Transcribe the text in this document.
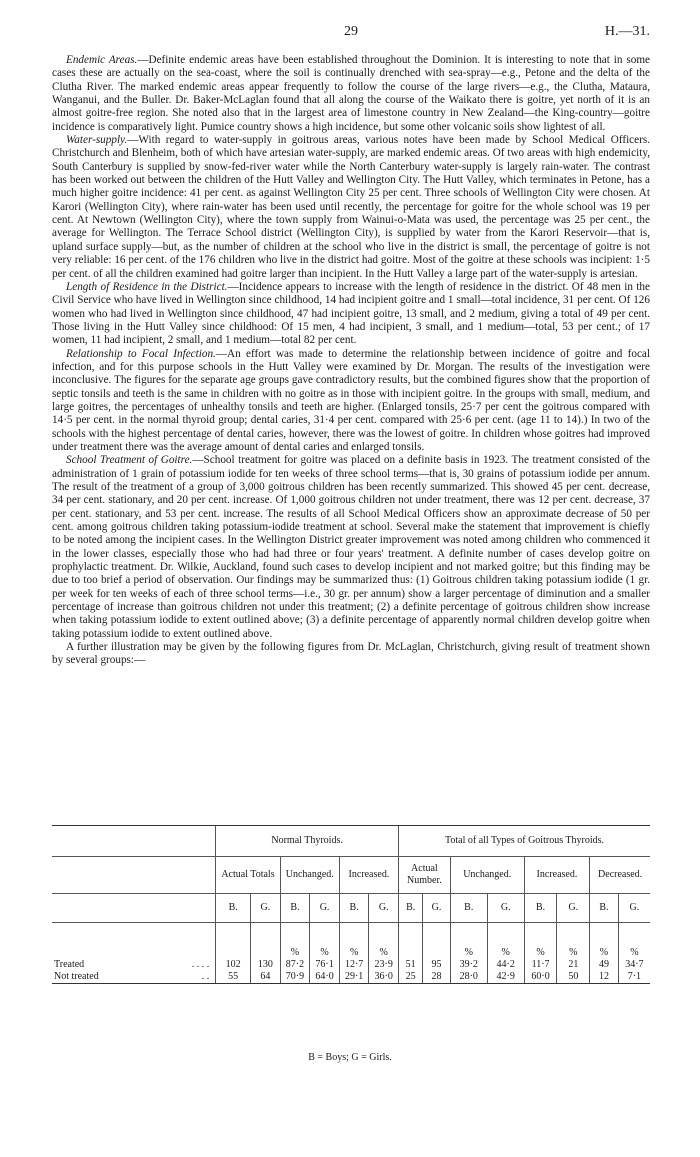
29	H.—31.

Endemic Areas.—Definite endemic areas have been established throughout the Dominion. It is interesting to note that in some cases these are actually on the sea-coast, where the soil is continually drenched with sea-spray—e.g., Petone and the delta of the Clutha River. The marked endemic areas appear frequently to follow the course of the large rivers—e.g., the Clutha, Mataura, Wanganui, and the Buller. Dr. Baker-McLaglan found that all along the course of the Waikato there is goitre, yet north of it is an almost goitre-free region. She noted also that in the largest area of limestone country in New Zealand—the King-country—goitre incidence is comparatively light. Pumice country shows a high incidence, but some other volcanic soils show lightest of all.

Water-supply.—With regard to water-supply in goitrous areas, various notes have been made by School Medical Officers. Christchurch and Blenheim, both of which have artesian water-supply, are marked endemic areas. Of two areas with high endemicity, South Canterbury is supplied by snow-fed-river water while the North Canterbury water-supply is largely rain-water. The contrast has been worked out between the children of the Hutt Valley and Wellington City. The Hutt Valley, which terminates in Petone, has a much higher goitre incidence: 41 per cent. as against Wellington City 25 per cent. Three schools of Wellington City were chosen. At Karori (Wellington City), where rain-water has been used until recently, the percentage for goitre for the whole school was 19 per cent. At Newtown (Wellington City), where the town supply from Wainui-o-Mata was used, the percentage was 25 per cent., the average for Wellington. The Terrace School district (Wellington City), is supplied by water from the Karori Reservoir—that is, upland surface supply—but, as the number of children at the school who live in the district is small, the percentage of goitre is not very reliable: 16 per cent. of the 176 children who live in the district had goitre. Most of the goitre at these schools was incipient: 1·5 per cent. of all the children examined had goitre larger than incipient. In the Hutt Valley a large part of the water-supply is artesian.

Length of Residence in the District.—Incidence appears to increase with the length of residence in the district. Of 48 men in the Civil Service who have lived in Wellington since childhood, 14 had incipient goitre and 1 small—total incidence, 31 per cent. Of 126 women who had lived in Wellington since childhood, 47 had incipient goitre, 13 small, and 2 medium, giving a total of 49 per cent. Those living in the Hutt Valley since childhood: Of 15 men, 4 had incipient, 3 small, and 1 medium—total, 53 per cent.; of 17 women, 11 had incipient, 2 small, and 1 medium—total 82 per cent.

Relationship to Focal Infection.—An effort was made to determine the relationship between incidence of goitre and focal infection, and for this purpose schools in the Hutt Valley were examined by Dr. Morgan. The results of the investigation were inconclusive. The figures for the separate age groups gave contradictory results, but the combined figures show that the proportion of septic tonsils and teeth is the same in children with no goitre as in those with incipient goitre. In the groups with small, medium, and large goitres, the percentages of unhealthy tonsils and teeth are higher. (Enlarged tonsils, 25·7 per cent the goitrous compared with 14·5 per cent. in the normal thyroid group; dental caries, 31·4 per cent. compared with 25·6 per cent. (age 11 to 14).) In two of the schools with the highest percentage of dental caries, however, there was the lowest of goitre. In children whose goitres had improved under treatment there was the average amount of dental caries and enlarged tonsils.

School Treatment of Goitre.—School treatment for goitre was placed on a definite basis in 1923. The treatment consisted of the administration of 1 grain of potassium iodide for ten weeks of three school terms—that is, 30 grains of potassium iodide per annum. The result of the treatment of a group of 3,000 goitrous children has been recently summarized. This showed 45 per cent. decrease, 34 per cent. stationary, and 20 per cent. increase. Of 1,000 goitrous children not under treatment, there was 12 per cent. decrease, 37 per cent. stationary, and 53 per cent. increase. The results of all School Medical Officers show an approximate decrease of 50 per cent. among goitrous children taking potassium-iodide treatment at school. Several make the statement that improvement is chiefly to be noted among the incipient cases. In the Wellington District greater improvement was noted among children who commenced it in the lower classes, especially those who had had three or four years' treatment. A definite number of cases develop goitre on prophylactic treatment. Dr. Wilkie, Auckland, found such cases to develop incipient and not marked goitre; but this finding may be due to too brief a period of observation. Our findings may be summarized thus: (1) Goitrous children taking potassium iodide (1 gr. per week for ten weeks of each of three school terms—i.e., 30 gr. per annum) show a larger percentage of diminution and a smaller percentage of increase than goitrous children not under this treatment; (2) a definite percentage of goitrous children show increase when taking potassium iodide to extent outlined above; (3) a definite percentage of apparently normal children develop goitre when taking potassium iodide to extent outlined above.

A further illustration may be given by the following figures from Dr. McLaglan, Christchurch, giving result of treatment shown by several groups:—

		Normal Thyroids.						Total of all Types of Goitrous Thyroids.							
		Actual Totals		Unchanged.		Increased.		Actual Number.		Unchanged.		Increased.		Decreased.	
		B.	G.	B.	G.	B.	G.	B.	G.	B.	G.	B.	G.	B.	G.

				%	%	%	%			%	%	%	%	%	%
Treated	. . . .	102	130	87·2	76·1	12·7	23·9	51	95	39·2	44·2	11·7	21	49	34·7
Not treated	. .	55	64	70·9	64·0	29·1	36·0	25	28	28·0	42·9	60·0	50	12	7·1
B = Boys; G = Girls.
